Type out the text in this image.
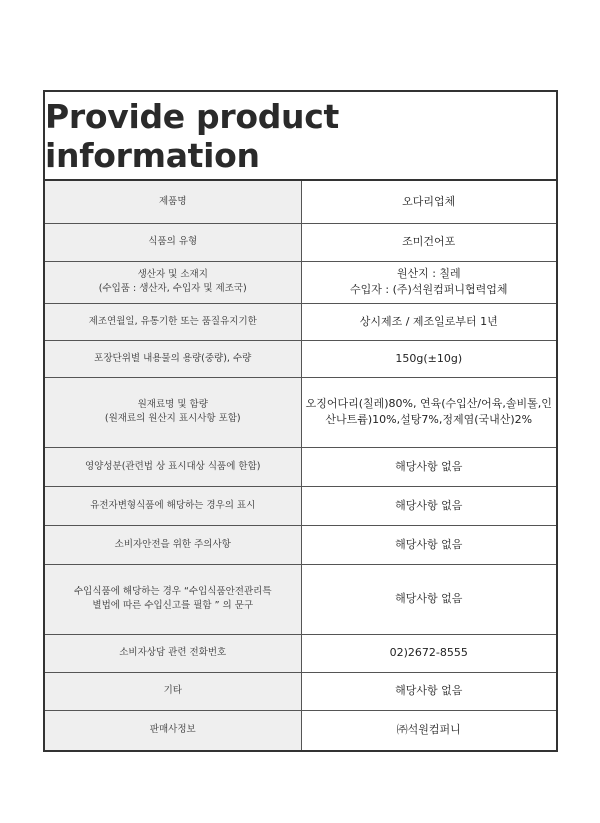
Provide product information
제품명	오다리업체

식품의 유형	조미건어포

생산자 및 소재지
(수입품 : 생산자, 수입자 및 제조국)	원산지 : 칠레
수입자 : (주)석원컴퍼니협력업체

제조연월일, 유통기한 또는 품질유지기한	상시제조 / 제조일로부터 1년

포장단위별 내용물의 용량(중량), 수량	150g(±10g)

원재료명 및 함량
(원재료의 원산지 표시사항 포함)	오징어다리(칠레)80%, 연육(수입산/어육,솔비톨,인
산나트륨)10%,설탕7%,정제염(국내산)2%

영양성분(관련법 상 표시대상 식품에 한함)	해당사항 없음

유전자변형식품에 해당하는 경우의 표시	해당사항 없음

소비자안전을 위한 주의사항	해당사항 없음

수입식품에 해당하는 경우 “수입식품안전관리특
별법에 따른 수입신고를 필함 ” 의 문구	해당사항 없음

소비자상담 관련 전화번호	02)2672-8555

기타	해당사항 없음

판매사정보	㈜석원컴퍼니
